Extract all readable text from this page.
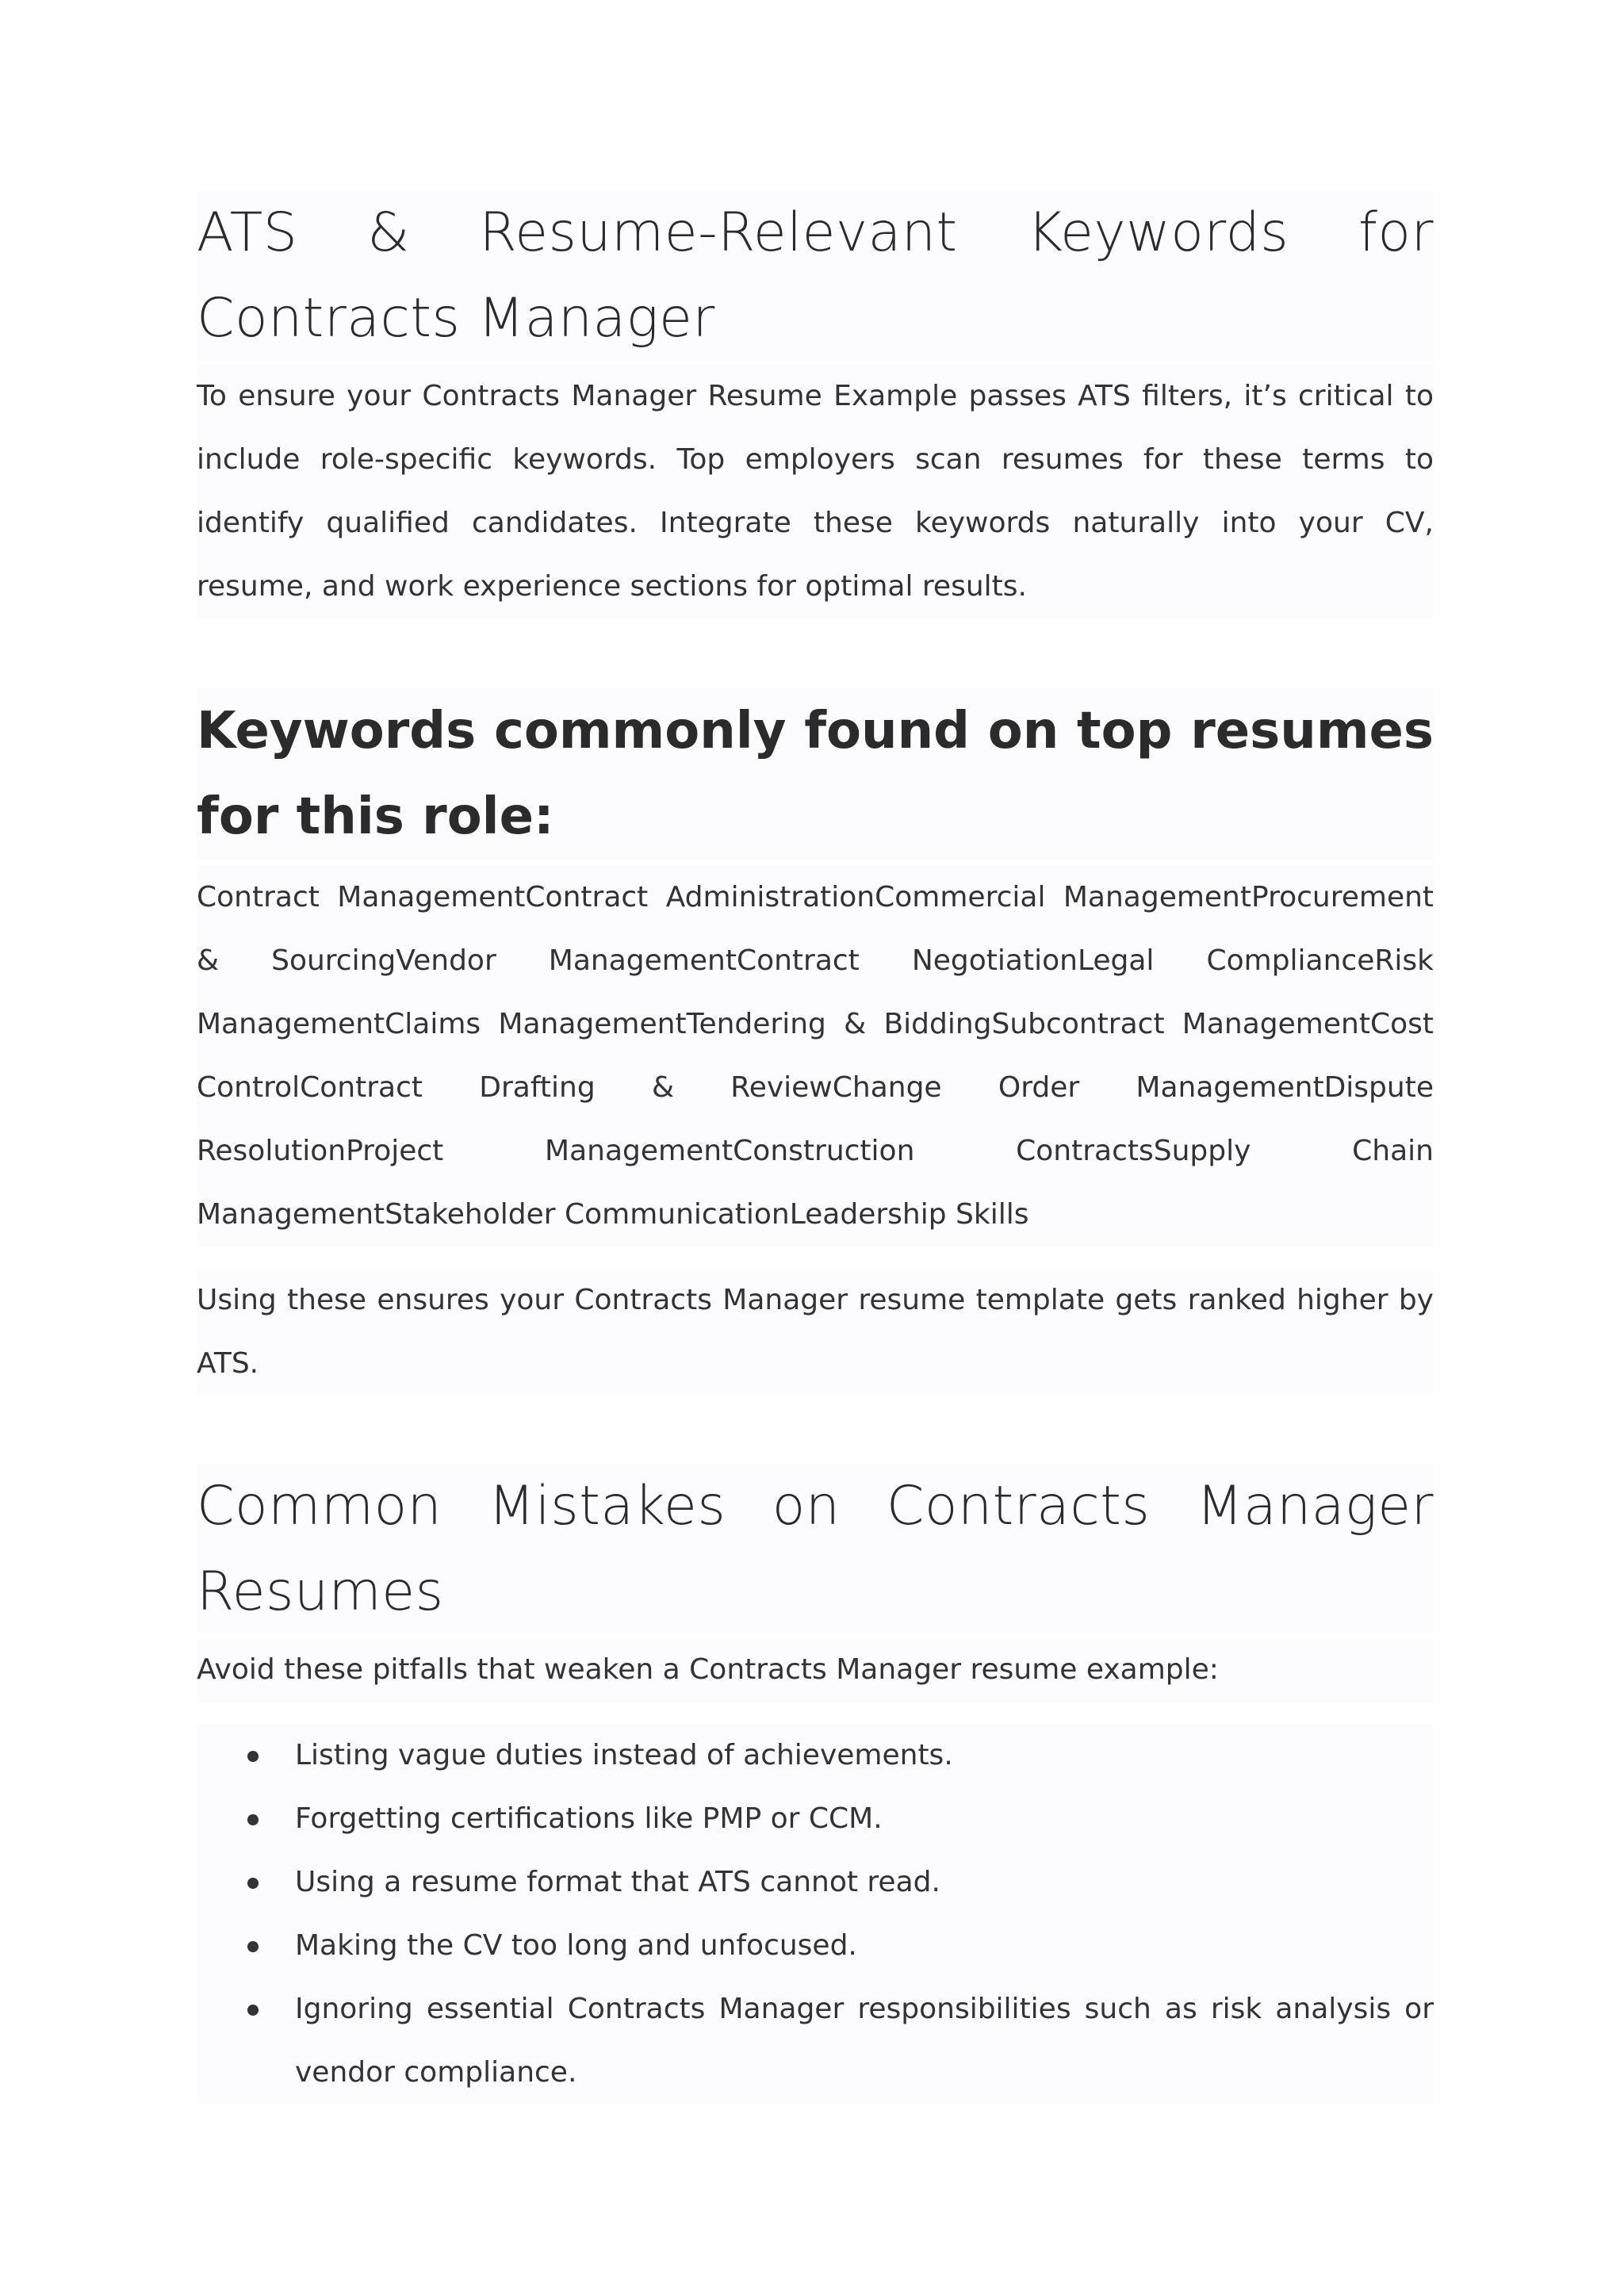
ATS & Resume-Relevant Keywords for Contracts Manager

To ensure your Contracts Manager Resume Example passes ATS filters, it’s critical to include role-specific keywords. Top employers scan resumes for these terms to identify qualified candidates. Integrate these keywords naturally into your CV, resume, and work experience sections for optimal results.

Keywords commonly found on top resumes for this role:

Contract ManagementContract AdministrationCommercial ManagementProcurement & SourcingVendor ManagementContract NegotiationLegal ComplianceRisk ManagementClaims ManagementTendering & BiddingSubcontract ManagementCost ControlContract Drafting & ReviewChange Order ManagementDispute ResolutionProject ManagementConstruction ContractsSupply Chain ManagementStakeholder CommunicationLeadership Skills

Using these ensures your Contracts Manager resume template gets ranked higher by ATS.

Common Mistakes on Contracts Manager Resumes

Avoid these pitfalls that weaken a Contracts Manager resume example:

Listing vague duties instead of achievements.
Forgetting certifications like PMP or CCM.
Using a resume format that ATS cannot read.
Making the CV too long and unfocused.
Ignoring essential Contracts Manager responsibilities such as risk analysis or vendor compliance.
